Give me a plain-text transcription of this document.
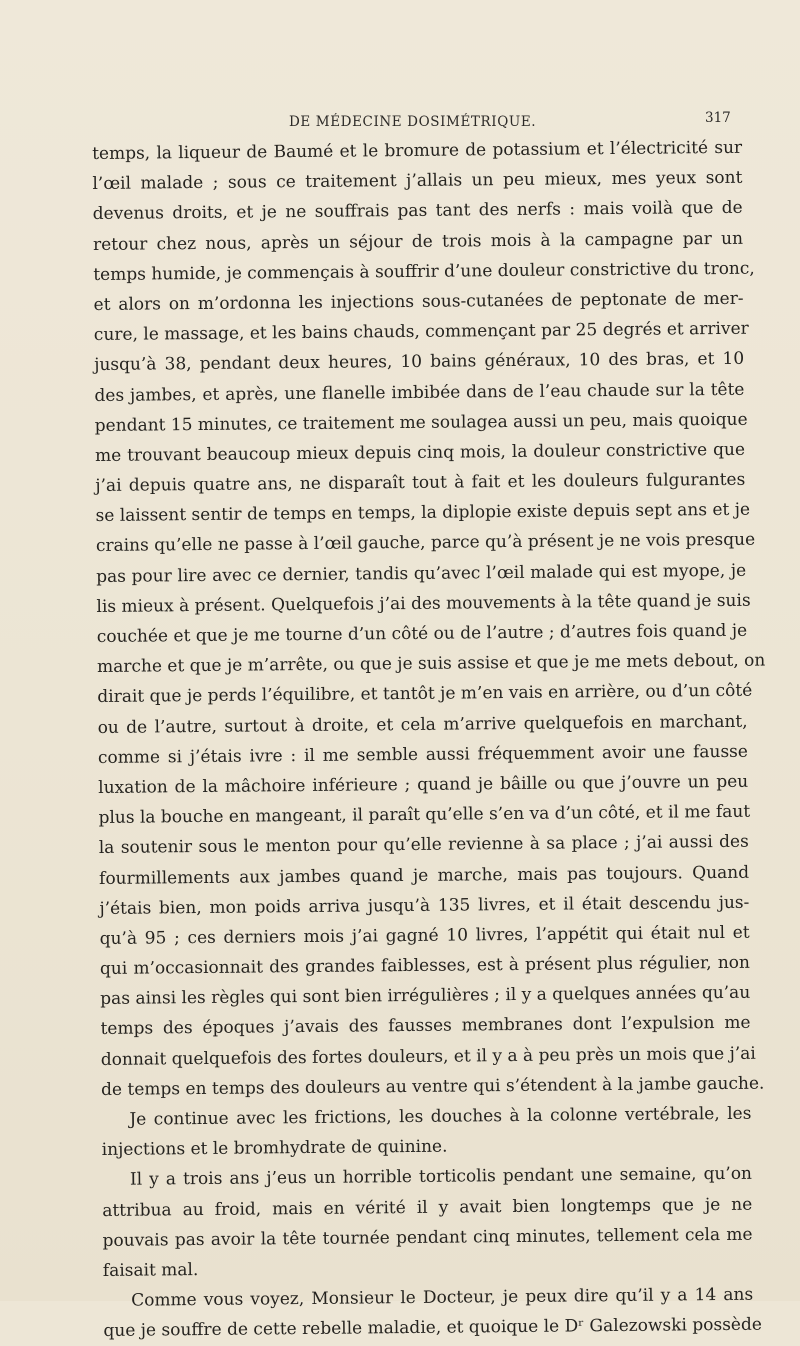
DE MÉDECINE DOSIMÉTRIQUE.	317
temps, la liqueur de Baumé et le bromure de potassium et l’électricité sur
l’œil malade ; sous ce traitement j’allais un peu mieux, mes yeux sont
devenus droits, et je ne souffrais pas tant des nerfs : mais voilà que de
retour chez nous, après un séjour de trois mois à la campagne par un
temps humide, je commençais à souffrir d’une douleur constrictive du tronc,
et alors on m’ordonna les injections sous-cutanées de peptonate de mer-
cure, le massage, et les bains chauds, commençant par 25 degrés et arriver
jusqu’à 38, pendant deux heures, 10 bains généraux, 10 des bras, et 10
des jambes, et après, une flanelle imbibée dans de l’eau chaude sur la tête
pendant 15 minutes, ce traitement me soulagea aussi un peu, mais quoique
me trouvant beaucoup mieux depuis cinq mois, la douleur constrictive que
j’ai depuis quatre ans, ne disparaît tout à fait et les douleurs fulgurantes
se laissent sentir de temps en temps, la diplopie existe depuis sept ans et je
crains qu’elle ne passe à l’œil gauche, parce qu’à présent je ne vois presque
pas pour lire avec ce dernier, tandis qu’avec l’œil malade qui est myope, je
lis mieux à présent. Quelquefois j’ai des mouvements à la tête quand je suis
couchée et que je me tourne d’un côté ou de l’autre ; d’autres fois quand je
marche et que je m’arrête, ou que je suis assise et que je me mets debout, on
dirait que je perds l’équilibre, et tantôt je m’en vais en arrière, ou d’un côté
ou de l’autre, surtout à droite, et cela m’arrive quelquefois en marchant,
comme si j’étais ivre : il me semble aussi fréquemment avoir une fausse
luxation de la mâchoire inférieure ; quand je bâille ou que j’ouvre un peu
plus la bouche en mangeant, il paraît qu’elle s’en va d’un côté, et il me faut
la soutenir sous le menton pour qu’elle revienne à sa place ; j’ai aussi des
fourmillements aux jambes quand je marche, mais pas toujours. Quand
j’étais bien, mon poids arriva jusqu’à 135 livres, et il était descendu jus-
qu’à 95 ; ces derniers mois j’ai gagné 10 livres, l’appétit qui était nul et
qui m’occasionnait des grandes faiblesses, est à présent plus régulier, non
pas ainsi les règles qui sont bien irrégulières ; il y a quelques années qu’au
temps des époques j’avais des fausses membranes dont l’expulsion me
donnait quelquefois des fortes douleurs, et il y a à peu près un mois que j’ai
de temps en temps des douleurs au ventre qui s’étendent à la jambe gauche.
Je continue avec les frictions, les douches à la colonne vertébrale, les
injections et le bromhydrate de quinine.
Il y a trois ans j’eus un horrible torticolis pendant une semaine, qu’on
attribua au froid, mais en vérité il y avait bien longtemps que je ne
pouvais pas avoir la tête tournée pendant cinq minutes, tellement cela me
faisait mal.
Comme vous voyez, Monsieur le Docteur, je peux dire qu’il y a 14 ans
que je souffre de cette rebelle maladie, et quoique le Dʳ Galezowski possède
